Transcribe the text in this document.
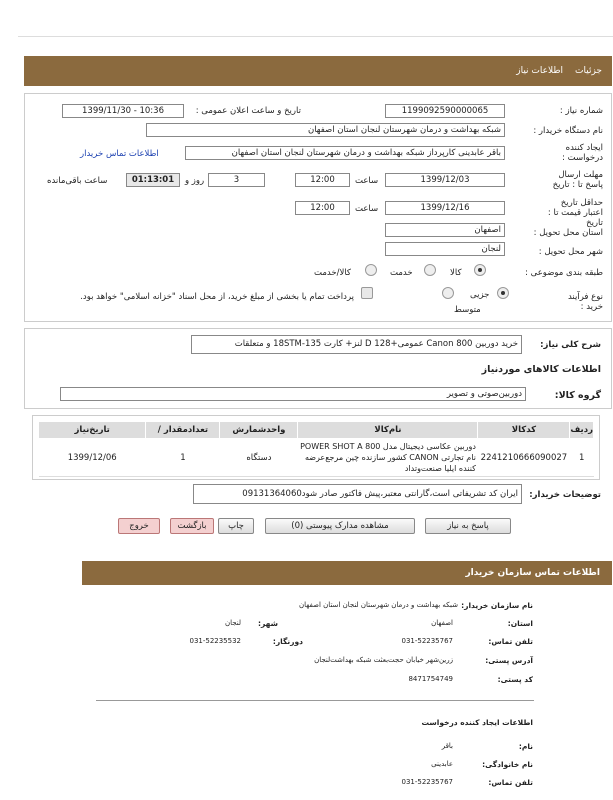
جزئیات
اطلاعات نیاز
شماره نیاز :
1199092590000065
تاریخ و ساعت اعلان عمومی :
1399/11/30 - 10:36
نام دستگاه خریدار :
شبکه بهداشت و درمان شهرستان لنجان استان اصفهان
ایجاد کننده درخواست :
باقر عابدینی کارپرداز شبکه بهداشت و درمان شهرستان لنجان استان اصفهان
اطلاعات تماس خریدار
مهلت ارسال پاسخ تا : تاریخ
1399/12/03
ساعت
12:00
3
روز و
01:13:01
ساعت باقی‌مانده
حداقل تاریخ اعتبار قیمت تا : تاریخ
1399/12/16
ساعت
12:00
استان محل تحویل :
اصفهان
شهر محل تحویل :
لنجان
طبقه بندی موضوعی :
کالا
خدمت
کالا/خدمت
نوع فرآیند خرید :
جزیی
متوسط
پرداخت تمام یا بخشی از مبلغ خرید، از محل اسناد "خزانه اسلامی" خواهد بود.
شرح کلی نیاز:
خرید دوربین Canon 800 عمومی+D 128 لنز+ کارت 135-18STM و متعلقات
اطلاعات کالاهای موردنیاز
گروه کالا:
دوربین‌صوتی و تصویر
ردیف	کدکالا	نام‌کالا	واحدشمارش	تعدادمقدار /	تاریخ‌نیاز
1	2241210666090027	دوربین عکاسی دیجیتال مدل POWER SHOT A 800 نام تجارتی CANON کشور سازنده چین مرجع‌عرضه کننده ایلیا صنعت‌وتداد	دستگاه	1	1399/12/06
توضیحات خریدار:
ایران کد تشریفاتی است،گارانتی معتبر،پیش فاکتور صادر شود09131364060
پاسخ به نیاز
مشاهده مدارک پیوستی (0)
چاپ
بازگشت
خروج
اطلاعات تماس سازمان خریدار
نام سازمان خریدار:
شبکه بهداشت و درمان شهرستان لنجان استان اصفهان
استان:
اصفهان
شهر:
لنجان
تلفن تماس:
031-52235767
دورنگار:
031-52235532
آدرس پستی:
زرین‌شهر خیابان حجت‌بعثت شبکه بهداشت‌لنجان
کد پستی:
8471754749
اطلاعات ایجاد کننده درخواست
نام:
باقر
نام خانوادگی:
عابدینی
تلفن تماس:
031-52235767
